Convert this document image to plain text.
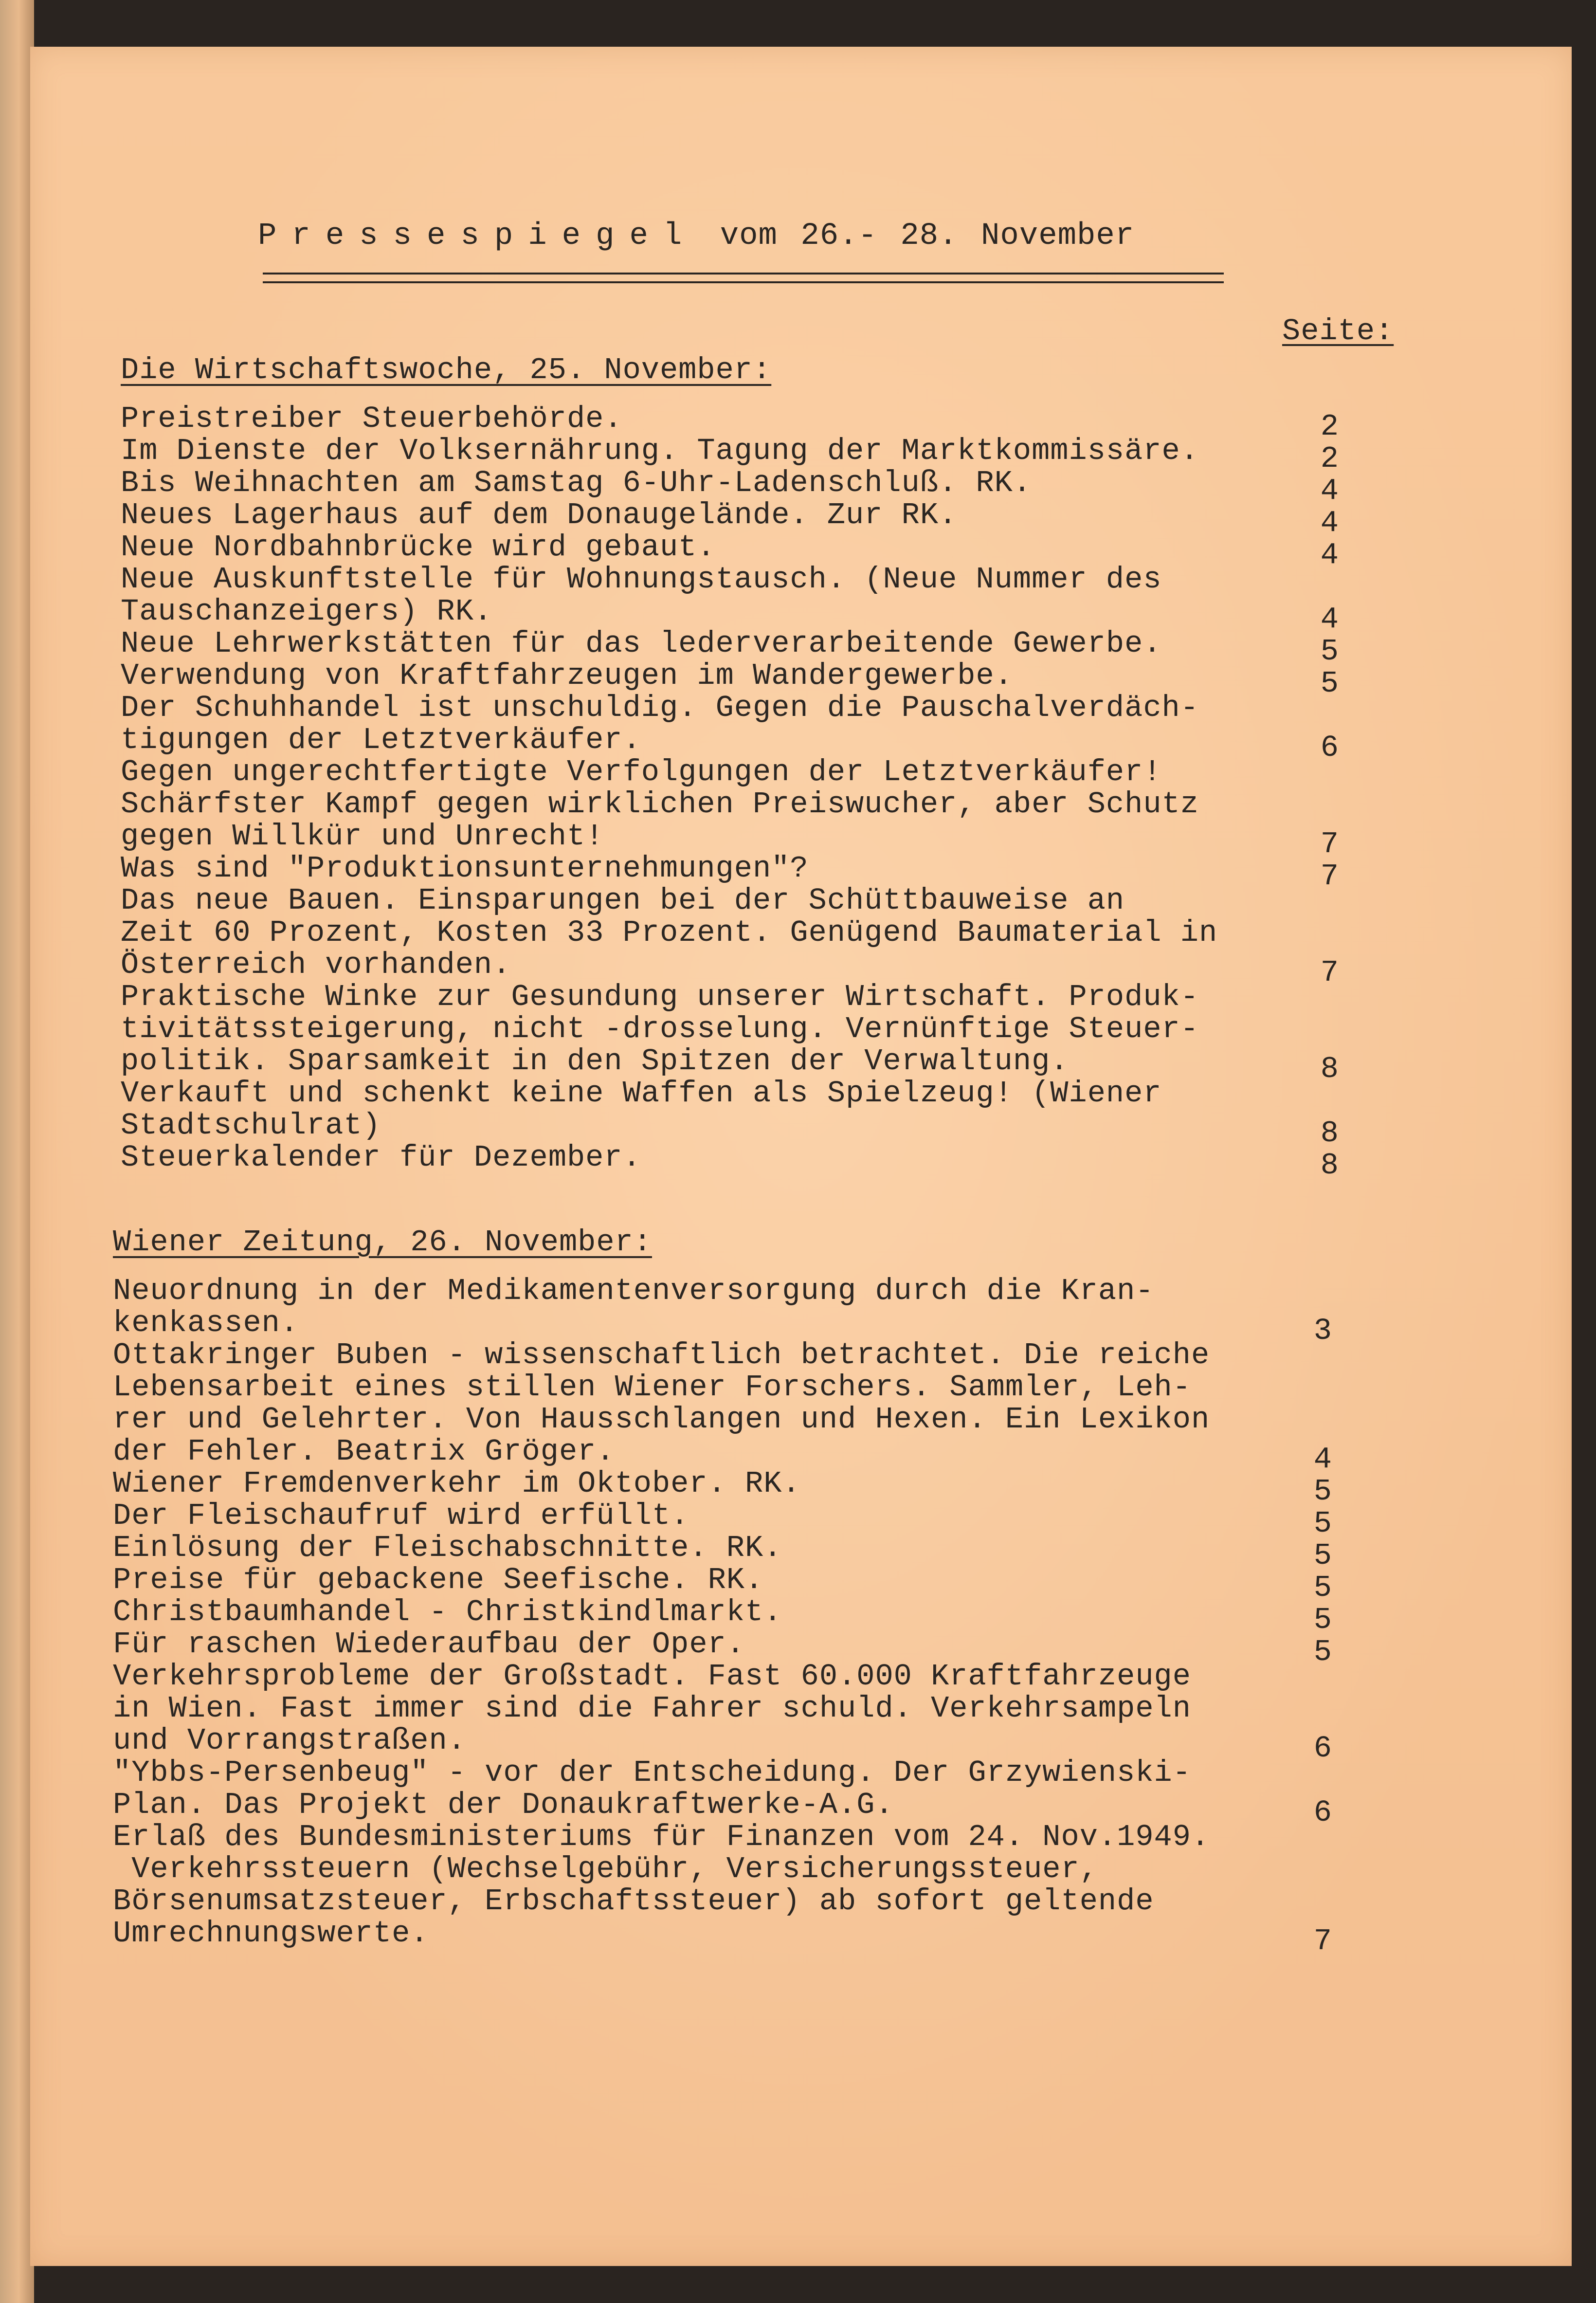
Pressespiegel vom 26.- 28. November
Seite:
Die Wirtschaftswoche, 25. November:
Preistreiber Steuerbehörde.	2
Im Dienste der Volksernährung. Tagung der Marktkommissäre.	2
Bis Weihnachten am Samstag 6-Uhr-Ladenschluß. RK.	4
Neues Lagerhaus auf dem Donaugelände. Zur RK.	4
Neue Nordbahnbrücke wird gebaut.	4
Neue Auskunftstelle für Wohnungstausch. (Neue Nummer des
Tauschanzeigers) RK.	4
Neue Lehrwerkstätten für das lederverarbeitende Gewerbe.	5
Verwendung von Kraftfahrzeugen im Wandergewerbe.	5
Der Schuhhandel ist unschuldig. Gegen die Pauschalverdäch-
tigungen der Letztverkäufer.	6
Gegen ungerechtfertigte Verfolgungen der Letztverkäufer!
Schärfster Kampf gegen wirklichen Preiswucher, aber Schutz
gegen Willkür und Unrecht!	7
Was sind "Produktionsunternehmungen"?	7
Das neue Bauen. Einsparungen bei der Schüttbauweise an
Zeit 60 Prozent, Kosten 33 Prozent. Genügend Baumaterial in
Österreich vorhanden.	7
Praktische Winke zur Gesundung unserer Wirtschaft. Produk-
tivitätssteigerung, nicht -drosselung. Vernünftige Steuer-
politik. Sparsamkeit in den Spitzen der Verwaltung.	8
Verkauft und schenkt keine Waffen als Spielzeug! (Wiener
Stadtschulrat)	8
Steuerkalender für Dezember.	8
Wiener Zeitung, 26. November:
Neuordnung in der Medikamentenversorgung durch die Kran-
kenkassen.	3
Ottakringer Buben - wissenschaftlich betrachtet. Die reiche
Lebensarbeit eines stillen Wiener Forschers. Sammler, Leh-
rer und Gelehrter. Von Hausschlangen und Hexen. Ein Lexikon
der Fehler. Beatrix Gröger.	4
Wiener Fremdenverkehr im Oktober. RK.	5
Der Fleischaufruf wird erfüllt.	5
Einlösung der Fleischabschnitte. RK.	5
Preise für gebackene Seefische. RK.	5
Christbaumhandel - Christkindlmarkt.	5
Für raschen Wiederaufbau der Oper.	5
Verkehrsprobleme der Großstadt. Fast 60.000 Kraftfahrzeuge
in Wien. Fast immer sind die Fahrer schuld. Verkehrsampeln
und Vorrangstraßen.	6
"Ybbs-Persenbeug" - vor der Entscheidung. Der Grzywienski-
Plan. Das Projekt der Donaukraftwerke-A.G.	6
Erlaß des Bundesministeriums für Finanzen vom 24. Nov.1949.
Verkehrssteuern (Wechselgebühr, Versicherungssteuer,
Börsenumsatzsteuer, Erbschaftssteuer) ab sofort geltende
Umrechnungswerte.	7
